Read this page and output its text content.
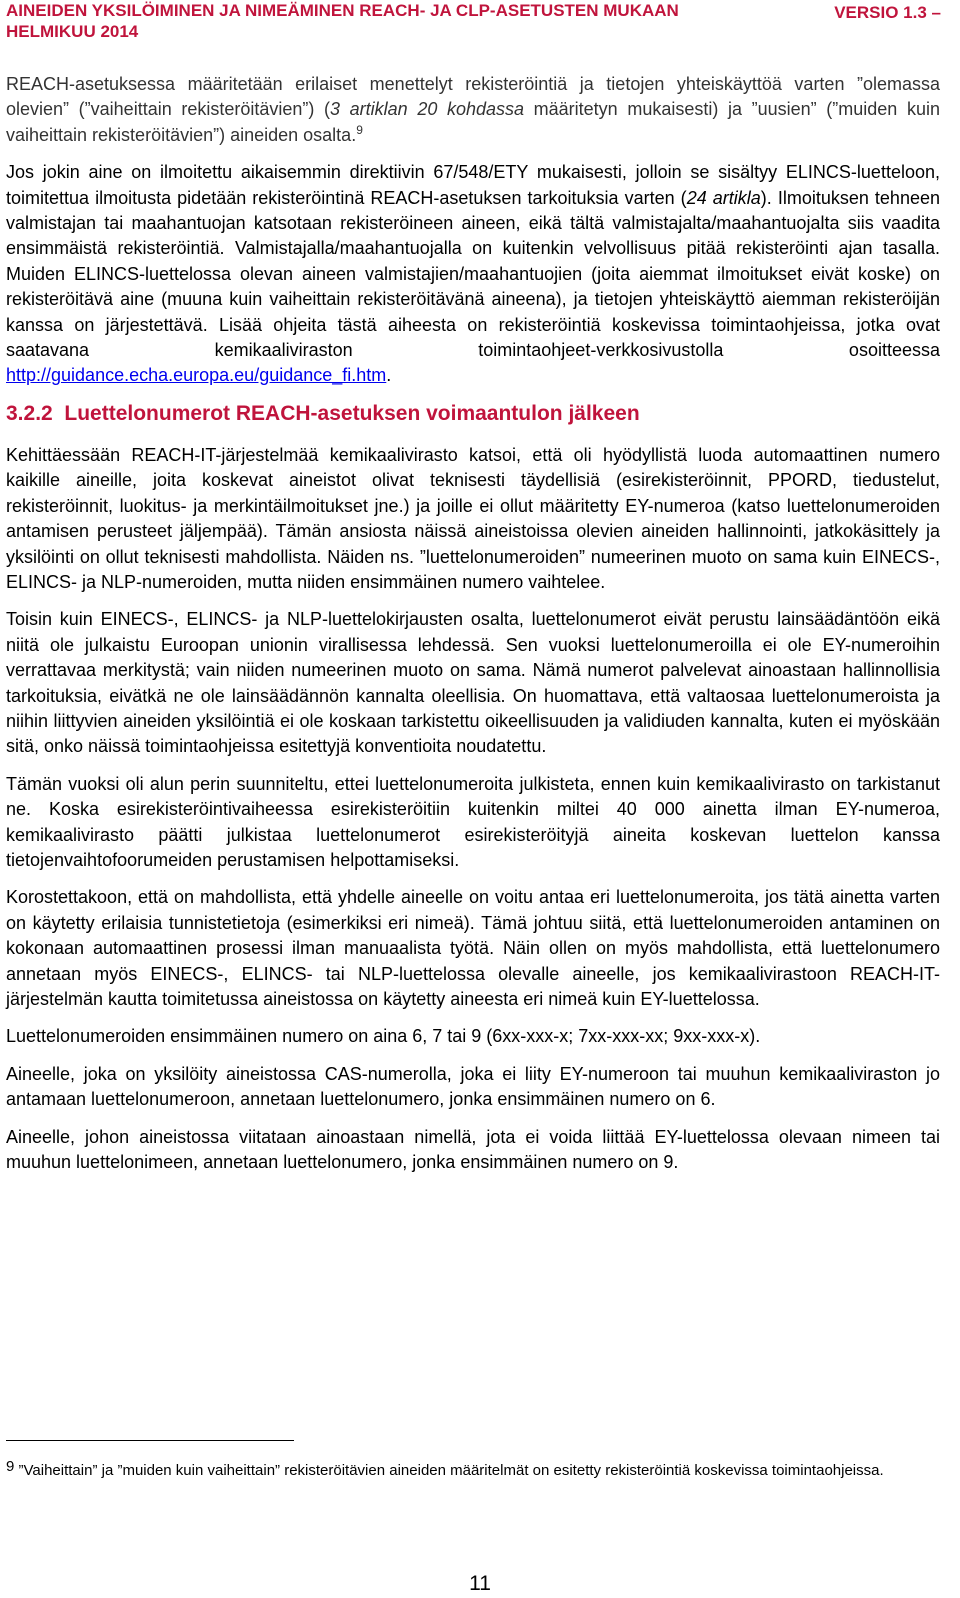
AINEIDEN YKSILÖIMINEN JA NIMEÄMINEN REACH- JA CLP-ASETUSTEN MUKAAN	VERSIO 1.3 –
HELMIKUU 2014

REACH-asetuksessa määritetään erilaiset menettelyt rekisteröintiä ja tietojen yhteiskäyttöä varten ”olemassa olevien” (”vaiheittain rekisteröitävien”) (3 artiklan 20 kohdassa määritetyn mukaisesti) ja ”uusien” (”muiden kuin vaiheittain rekisteröitävien”) aineiden osalta.$^9$

Jos jokin aine on ilmoitettu aikaisemmin direktiivin 67/548/ETY mukaisesti, jolloin se sisältyy ELINCS-luetteloon, toimitettua ilmoitusta pidetään rekisteröintinä REACH-asetuksen tarkoituksia varten (24 artikla). Ilmoituksen tehneen valmistajan tai maahantuojan katsotaan rekisteröineen aineen, eikä tältä valmistajalta/maahantuojalta siis vaadita ensimmäistä rekisteröintiä. Valmistajalla/maahantuojalla on kuitenkin velvollisuus pitää rekisteröinti ajan tasalla. Muiden ELINCS-luettelossa olevan aineen valmistajien/maahantuojien (joita aiemmat ilmoitukset eivät koske) on rekisteröitävä aine (muuna kuin vaiheittain rekisteröitävänä aineena), ja tietojen yhteiskäyttö aiemman rekisteröijän kanssa on järjestettävä. Lisää ohjeita tästä aiheesta on rekisteröintiä koskevissa toimintaohjeissa, jotka ovat saatavana kemikaaliviraston toimintaohjeet-verkkosivustolla osoitteessa http://guidance.echa.europa.eu/guidance_fi.htm.

3.2.2 Luettelonumerot REACH-asetuksen voimaantulon jälkeen

Kehittäessään REACH-IT-järjestelmää kemikaalivirasto katsoi, että oli hyödyllistä luoda automaattinen numero kaikille aineille, joita koskevat aineistot olivat teknisesti täydellisiä (esirekisteröinnit, PPORD, tiedustelut, rekisteröinnit, luokitus- ja merkintäilmoitukset jne.) ja joille ei ollut määritetty EY-numeroa (katso luettelonumeroiden antamisen perusteet jäljempää). Tämän ansiosta näissä aineistoissa olevien aineiden hallinnointi, jatkokäsittely ja yksilöinti on ollut teknisesti mahdollista. Näiden ns. ”luettelonumeroiden” numeerinen muoto on sama kuin EINECS-, ELINCS- ja NLP-numeroiden, mutta niiden ensimmäinen numero vaihtelee.

Toisin kuin EINECS-, ELINCS- ja NLP-luettelokirjausten osalta, luettelonumerot eivät perustu lainsäädäntöön eikä niitä ole julkaistu Euroopan unionin virallisessa lehdessä. Sen vuoksi luettelonumeroilla ei ole EY-numeroihin verrattavaa merkitystä; vain niiden numeerinen muoto on sama. Nämä numerot palvelevat ainoastaan hallinnollisia tarkoituksia, eivätkä ne ole lainsäädännön kannalta oleellisia. On huomattava, että valtaosaa luettelonumeroista ja niihin liittyvien aineiden yksilöintiä ei ole koskaan tarkistettu oikeellisuuden ja validiuden kannalta, kuten ei myöskään sitä, onko näissä toimintaohjeissa esitettyjä konventioita noudatettu.

Tämän vuoksi oli alun perin suunniteltu, ettei luettelonumeroita julkisteta, ennen kuin kemikaalivirasto on tarkistanut ne. Koska esirekisteröintivaiheessa esirekisteröitiin kuitenkin miltei 40 000 ainetta ilman EY-numeroa, kemikaalivirasto päätti julkistaa luettelonumerot esirekisteröityjä aineita koskevan luettelon kanssa tietojenvaihtofoorumeiden perustamisen helpottamiseksi.

Korostettakoon, että on mahdollista, että yhdelle aineelle on voitu antaa eri luettelonumeroita, jos tätä ainetta varten on käytetty erilaisia tunnistetietoja (esimerkiksi eri nimeä). Tämä johtuu siitä, että luettelonumeroiden antaminen on kokonaan automaattinen prosessi ilman manuaalista työtä. Näin ollen on myös mahdollista, että luettelonumero annetaan myös EINECS-, ELINCS- tai NLP-luettelossa olevalle aineelle, jos kemikaalivirastoon REACH-IT-järjestelmän kautta toimitetussa aineistossa on käytetty aineesta eri nimeä kuin EY-luettelossa.

Luettelonumeroiden ensimmäinen numero on aina 6, 7 tai 9 (6xx-xxx-x; 7xx-xxx-xx; 9xx-xxx-x).

Aineelle, joka on yksilöity aineistossa CAS-numerolla, joka ei liity EY-numeroon tai muuhun kemikaaliviraston jo antamaan luettelonumeroon, annetaan luettelonumero, jonka ensimmäinen numero on 6.

Aineelle, johon aineistossa viitataan ainoastaan nimellä, jota ei voida liittää EY-luettelossa olevaan nimeen tai muuhun luettelonimeen, annetaan luettelonumero, jonka ensimmäinen numero on 9.

9 ”Vaiheittain” ja ”muiden kuin vaiheittain” rekisteröitävien aineiden määritelmät on esitetty rekisteröintiä koskevissa toimintaohjeissa.
11
